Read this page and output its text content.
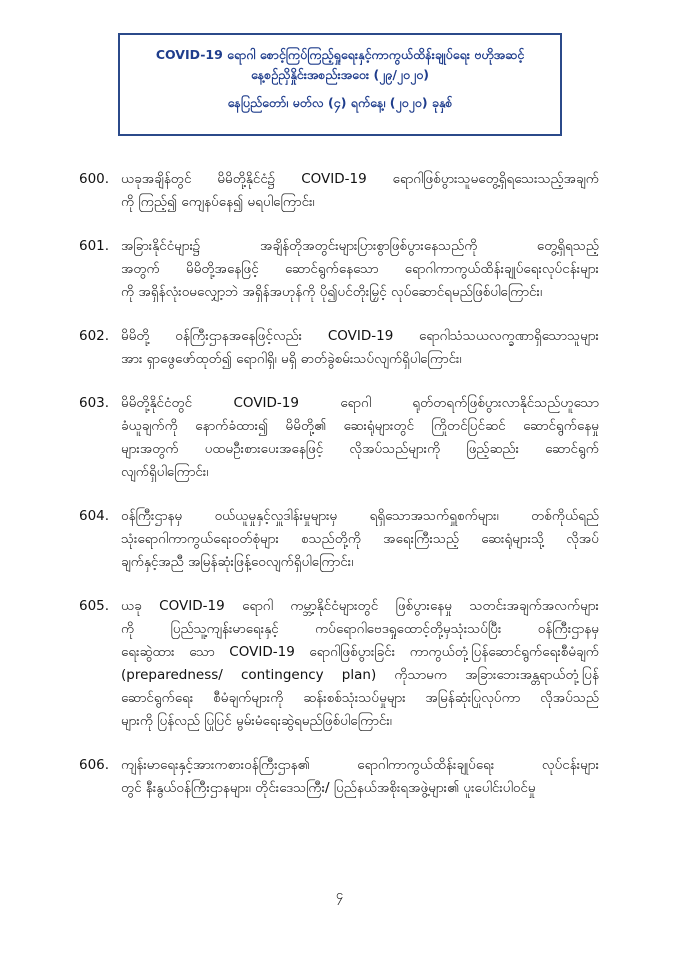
COVID-19 ရောဂါ စောင့်ကြပ်ကြည့်ရှုရေးနှင့်ကာကွယ်ထိန်းချုပ်ရေး ဗဟိုအဆင့်
နေ့စဉ်ညှိနှိုင်းအစည်းအဝေး (၂၉/၂၀၂၀)
နေပြည်တော်၊ မတ်လ (၄) ရက်နေ့၊ (၂၀၂၀) ခုနှစ်
600. ယခုအချိန်တွင် မိမိတို့နိုင်ငံ၌ COVID-19 ရောဂါဖြစ်ပွားသူမတွေ့ရှိရသေးသည့်အချက်
ကို ကြည့်၍ ကျေနပ်နေ၍ မရပါကြောင်း၊
601. အခြားနိုင်ငံများ၌ အချိန်တိုအတွင်းများပြားစွာဖြစ်ပွားနေသည်ကို တွေ့ရှိရသည့်
အတွက် မိမိတို့အနေဖြင့် ဆောင်ရွက်နေသော ရောဂါကာကွယ်ထိန်းချုပ်ရေးလုပ်ငန်းများ
ကို အရှိန်လုံးဝမလျှော့ဘဲ အရှိန်အဟုန်ကို ပို၍ပင်တိုးမြှင့် လုပ်ဆောင်ရမည်ဖြစ်ပါကြောင်း၊
602. မိမိတို့ ဝန်ကြီးဌာနအနေဖြင့်လည်း COVID-19 ရောဂါသံသယလက္ခဏာရှိသောသူများ
အား ရှာဖွေဖော်ထုတ်၍ ရောဂါရှိ၊ မရှိ ဓာတ်ခွဲစမ်းသပ်လျက်ရှိပါကြောင်း၊
603. မိမိတို့နိုင်ငံတွင် COVID-19 ရောဂါ ရုတ်တရက်ဖြစ်ပွားလာနိုင်သည်ဟူသော
ခံယူချက်ကို နောက်ခံထား၍ မိမိတို့၏ ဆေးရုံများတွင် ကြိုတင်ပြင်ဆင် ဆောင်ရွက်နေမှု
များအတွက် ပထမဦးစားပေးအနေဖြင့် လိုအပ်သည်များကို ဖြည့်ဆည်း ဆောင်ရွက်
လျက်ရှိပါကြောင်း၊
604. ဝန်ကြီးဌာနမှ ဝယ်ယူမှုနှင့်လှူဒါန်းမှုများမှ ရရှိသောအသက်ရှူစက်များ၊ တစ်ကိုယ်ရည်
သုံးရောဂါကာကွယ်ရေးဝတ်စုံများ စသည်တို့ကို အရေးကြီးသည့် ဆေးရုံများသို့ လိုအပ်
ချက်နှင့်အညီ အမြန်ဆုံးဖြန့်ဝေလျက်ရှိပါကြောင်း၊
605. ယခု COVID-19 ရောဂါ ကမ္ဘာ့နိုင်ငံများတွင် ဖြစ်ပွားနေမှု သတင်းအချက်အလက်များ
ကို ပြည်သူ့ကျန်းမာရေးနှင့် ကပ်ရောဂါဗေဒရှုထောင့်တို့မှသုံးသပ်ပြီး ဝန်ကြီးဌာနမှ
ရေးဆွဲထား သော COVID-19 ရောဂါဖြစ်ပွားခြင်း ကာကွယ်တုံ့ပြန်ဆောင်ရွက်ရေးစီမံချက်
(preparedness/ contingency plan) ကိုသာမက အခြားဘေးအန္တရာယ်တုံ့ပြန်
ဆောင်ရွက်ရေး စီမံချက်များကို ဆန်းစစ်သုံးသပ်မှုများ အမြန်ဆုံးပြုလုပ်ကာ လိုအပ်သည်
များကို ပြန်လည် ပြုပြင် မွမ်းမံရေးဆွဲရမည်ဖြစ်ပါကြောင်း၊
606. ကျန်းမာရေးနှင့်အားကစားဝန်ကြီးဌာန၏ ရောဂါကာကွယ်ထိန်းချုပ်ရေး လုပ်ငန်းများ
တွင် နီးနွယ်ဝန်ကြီးဌာနများ၊ တိုင်းဒေသကြီး/ ပြည်နယ်အစိုးရအဖွဲ့များ၏ ပူးပေါင်းပါဝင်မှု
၄
